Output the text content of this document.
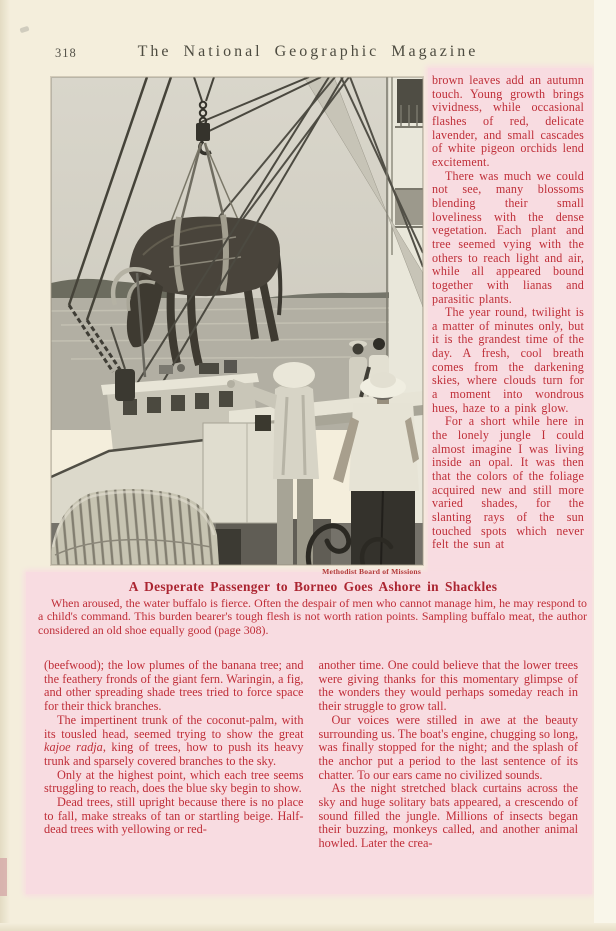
318	The National Geographic Magazine
Methodist Board of Missions
A Desperate Passenger to Borneo Goes Ashore in Shackles

When aroused, the water buffalo is fierce. Often the despair of men who cannot manage him, he may respond to a child's command. This burden bearer's tough flesh is not worth ration points. Sampling buffalo meat, the author considered an old shoe equally good (page 308).

brown leaves add an autumn touch. Young growth brings vividness, while occasional flashes of red, delicate lavender, and small cascades of white pigeon orchids lend excitement.

There was much we could not see, many blossoms blending their small loveliness with the dense vegetation. Each plant and tree seemed vying with the others to reach light and air, while all appeared bound together with lianas and parasitic plants.

The year round, twilight is a matter of minutes only, but it is the grandest time of the day. A fresh, cool breath comes from the darkening skies, where clouds turn for a moment into wondrous hues, haze to a pink glow.

For a short while here in the lonely jungle I could almost imagine I was living inside an opal. It was then that the colors of the foliage acquired new and still more varied shades, for the slanting rays of the sun touched spots which never felt the sun at

(beefwood); the low plumes of the banana tree; and the feathery fronds of the giant fern. Waringin, a fig, and other spreading shade trees tried to force space for their thick branches.

The impertinent trunk of the coconut-palm, with its tousled head, seemed trying to show the great kajoe radja, king of trees, how to push its heavy trunk and sparsely covered branches to the sky.

Only at the highest point, which each tree seems struggling to reach, does the blue sky begin to show.

Dead trees, still upright because there is no place to fall, make streaks of tan or startling beige. Half-dead trees with yellowing or red-

another time. One could believe that the lower trees were giving thanks for this momentary glimpse of the wonders they would perhaps someday reach in their struggle to grow tall.

Our voices were stilled in awe at the beauty surrounding us. The boat's engine, chugging so long, was finally stopped for the night; and the splash of the anchor put a period to the last sentence of its chatter. To our ears came no civilized sounds.

As the night stretched black curtains across the sky and huge solitary bats appeared, a crescendo of sound filled the jungle. Millions of insects began their buzzing, monkeys called, and another animal howled. Later the crea-
